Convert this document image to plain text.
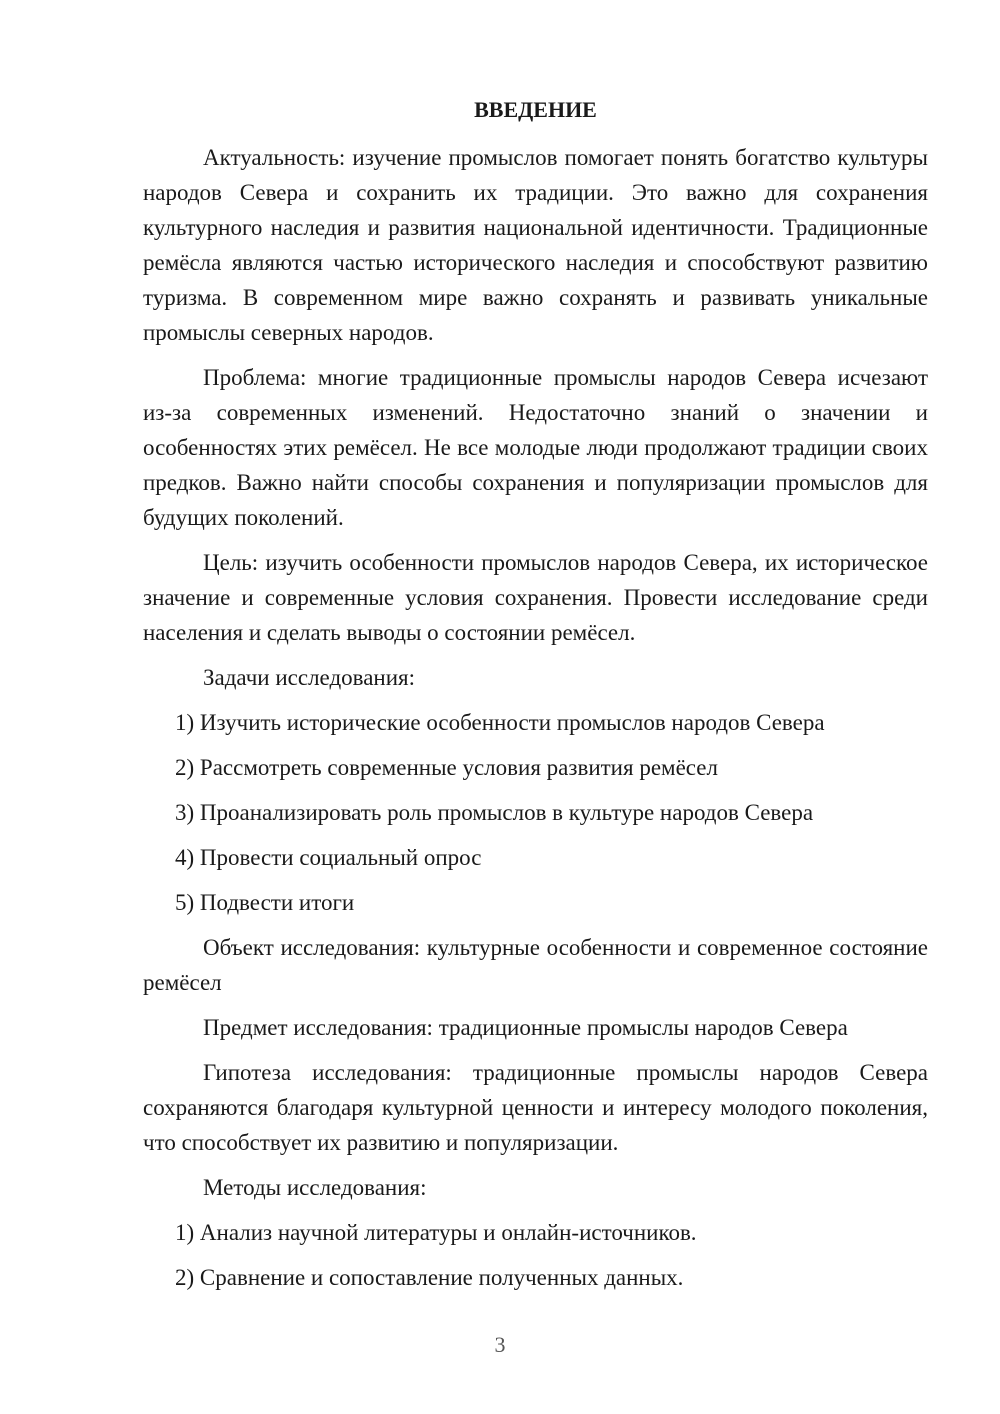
ВВЕДЕНИЕ

Актуальность: изучение промыслов помогает понять богатство культуры народов Севера и сохранить их традиции. Это важно для сохранения культурного наследия и развития национальной идентичности. Традиционные ремёсла являются частью исторического наследия и способствуют развитию туризма. В современном мире важно сохранять и развивать уникальные промыслы северных народов.

Проблема: многие традиционные промыслы народов Севера исчезают из-за современных изменений. Недостаточно знаний о значении и особенностях этих ремёсел. Не все молодые люди продолжают традиции своих предков. Важно найти способы сохранения и популяризации промыслов для будущих поколений.

Цель: изучить особенности промыслов народов Севера, их историческое значение и современные условия сохранения. Провести исследование среди населения и сделать выводы о состоянии ремёсел.

Задачи исследования:

1) Изучить исторические особенности промыслов народов Севера

2) Рассмотреть современные условия развития ремёсел

3) Проанализировать роль промыслов в культуре народов Севера

4) Провести социальный опрос

5) Подвести итоги

Объект исследования: культурные особенности и современное состояние ремёсел

Предмет исследования: традиционные промыслы народов Севера

Гипотеза исследования: традиционные промыслы народов Севера сохраняются благодаря культурной ценности и интересу молодого поколения, что способствует их развитию и популяризации.

Методы исследования:

1) Анализ научной литературы и онлайн-источников.

2) Сравнение и сопоставление полученных данных.

3
